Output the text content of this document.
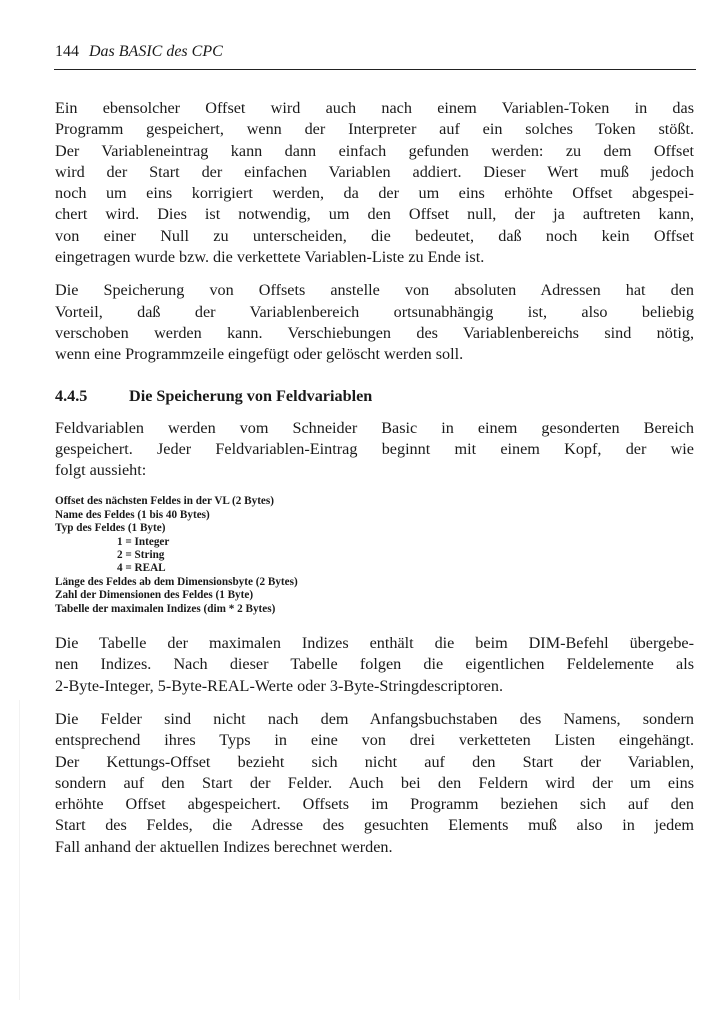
144 Das BASIC des CPC
Ein ebensolcher Offset wird auch nach einem Variablen-Token in das
Programm gespeichert, wenn der Interpreter auf ein solches Token stößt.
Der Variableneintrag kann dann einfach gefunden werden: zu dem Offset
wird der Start der einfachen Variablen addiert. Dieser Wert muß jedoch
noch um eins korrigiert werden, da der um eins erhöhte Offset abgespei-
chert wird. Dies ist notwendig, um den Offset null, der ja auftreten kann,
von einer Null zu unterscheiden, die bedeutet, daß noch kein Offset
eingetragen wurde bzw. die verkettete Variablen-Liste zu Ende ist.
Die Speicherung von Offsets anstelle von absoluten Adressen hat den
Vorteil, daß der Variablenbereich ortsunabhängig ist, also beliebig
verschoben werden kann. Verschiebungen des Variablenbereichs sind nötig,
wenn eine Programmzeile eingefügt oder gelöscht werden soll.
4.4.5	Die Speicherung von Feldvariablen
Feldvariablen werden vom Schneider Basic in einem gesonderten Bereich
gespeichert. Jeder Feldvariablen-Eintrag beginnt mit einem Kopf, der wie
folgt aussieht:
Offset des nächsten Feldes in der VL (2 Bytes)
Name des Feldes (1 bis 40 Bytes)
Typ des Feldes (1 Byte)
1 = Integer
2 = String
4 = REAL
Länge des Feldes ab dem Dimensionsbyte (2 Bytes)
Zahl der Dimensionen des Feldes (1 Byte)
Tabelle der maximalen Indizes (dim * 2 Bytes)
Die Tabelle der maximalen Indizes enthält die beim DIM-Befehl übergebe-
nen Indizes. Nach dieser Tabelle folgen die eigentlichen Feldelemente als
2-Byte-Integer, 5-Byte-REAL-Werte oder 3-Byte-Stringdescriptoren.
Die Felder sind nicht nach dem Anfangsbuchstaben des Namens, sondern
entsprechend ihres Typs in eine von drei verketteten Listen eingehängt.
Der Kettungs-Offset bezieht sich nicht auf den Start der Variablen,
sondern auf den Start der Felder. Auch bei den Feldern wird der um eins
erhöhte Offset abgespeichert. Offsets im Programm beziehen sich auf den
Start des Feldes, die Adresse des gesuchten Elements muß also in jedem
Fall anhand der aktuellen Indizes berechnet werden.
